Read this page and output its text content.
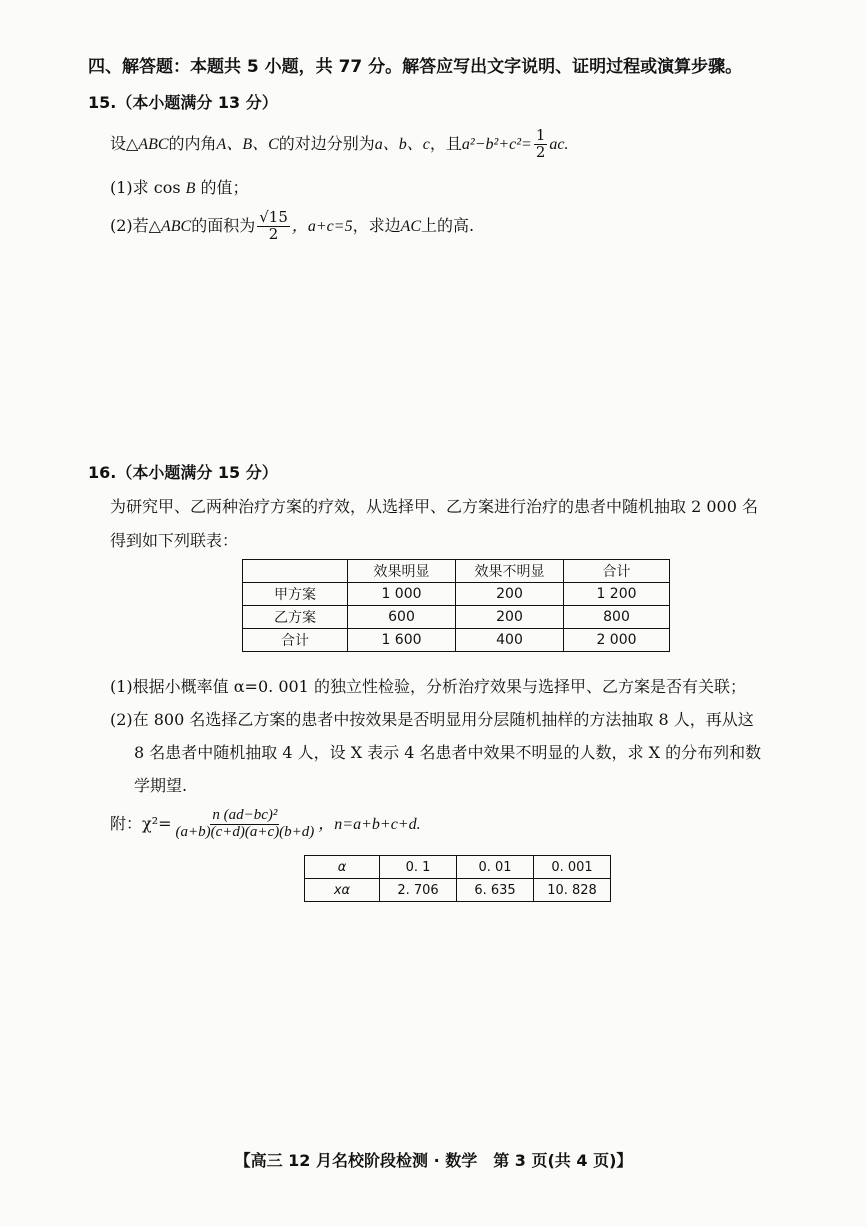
四、解答题：本题共 5 小题，共 77 分。解答应写出文字说明、证明过程或演算步骤。
15.（本小题满分 13 分）
设△ABC的内角A、B、C的对边分别为a、b、c，且$a^2-b^2+c^2= \frac{1}{2}$ ac.
(1)求 cos B 的值；
(2)若△ABC的面积为 $\frac{√15}{2}$ ，a+c=5，求边AC上的高.
16.（本小题满分 15 分）
为研究甲、乙两种治疗方案的疗效，从选择甲、乙方案进行治疗的患者中随机抽取 2 000 名
得到如下列联表：
	效果明显	效果不明显	合计
甲方案	1 000	200	1 200
乙方案	600	200	800
合计	1 600	400	2 000
(1)根据小概率值 α=0. 001 的独立性检验，分析治疗效果与选择甲、乙方案是否有关联；
(2)在 800 名选择乙方案的患者中按效果是否明显用分层随机抽样的方法抽取 8 人，再从这
8 名患者中随机抽取 4 人，设 X 表示 4 名患者中效果不明显的人数，求 X 的分布列和数
学期望.
附：$\chi^2= \frac{\text{n (ad−bc)²}}{(a+b)(c+d)(a+c)(b+d)}$ ，n=a+b+c+d.
α	0. 1	0. 01	0. 001
xα	2. 706	6. 635	10. 828
【高三 12 月名校阶段检测 · 数学　第 3 页(共 4 页)】
